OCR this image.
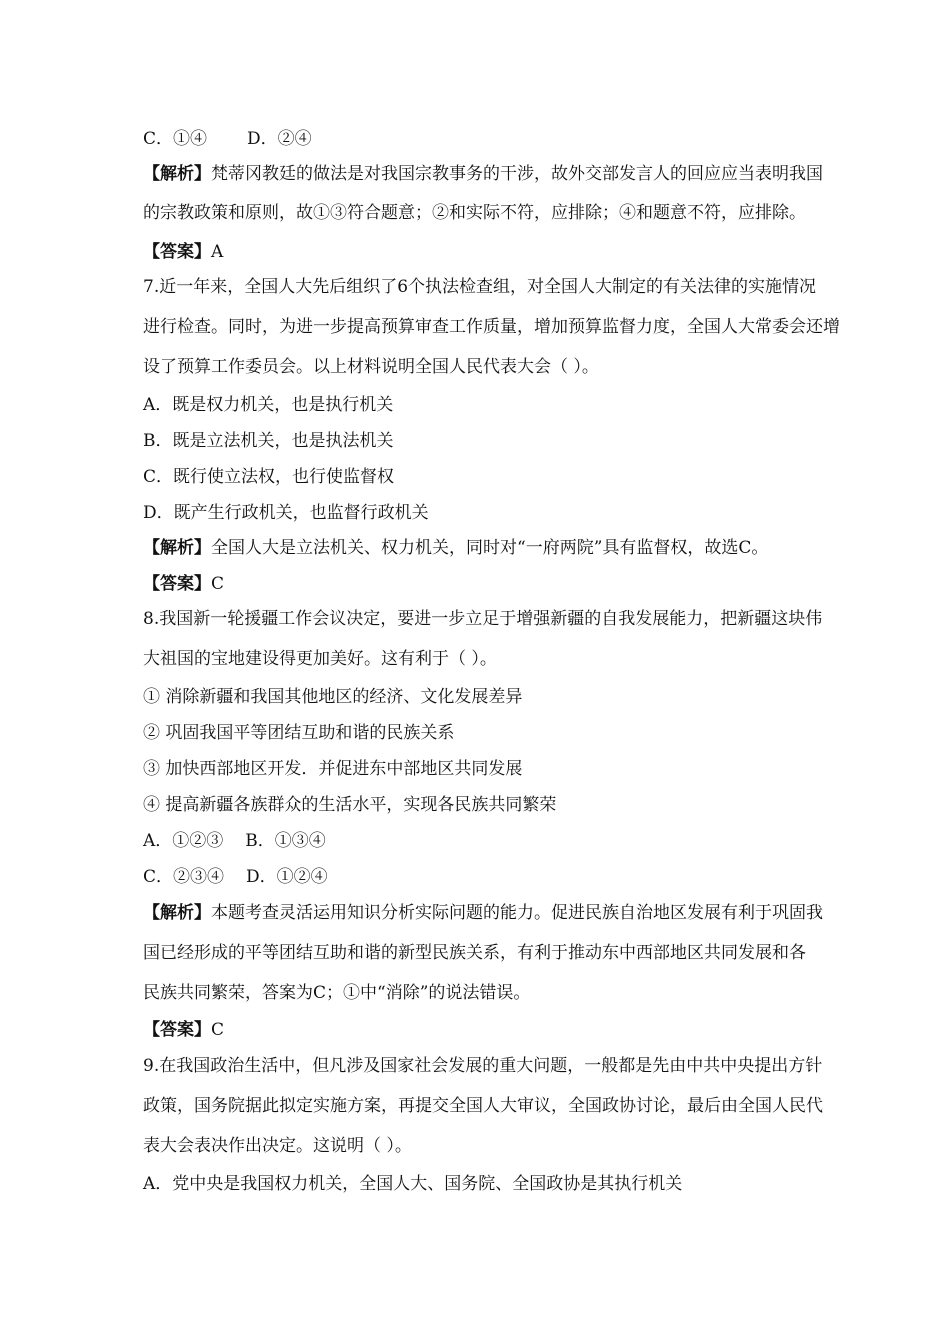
C．①④ D．②④
【解析】梵蒂冈教廷的做法是对我国宗教事务的干涉，故外交部发言人的回应应当表明我国
的宗教政策和原则，故①③符合题意；②和实际不符，应排除；④和题意不符，应排除。
【答案】A
7.近一年来，全国人大先后组织了6个执法检查组，对全国人大制定的有关法律的实施情况
进行检查。同时，为进一步提高预算审查工作质量，增加预算监督力度，全国人大常委会还增
设了预算工作委员会。以上材料说明全国人民代表大会（ ）。
A．既是权力机关，也是执行机关
B．既是立法机关，也是执法机关
C．既行使立法权，也行使监督权
D．既产生行政机关，也监督行政机关
【解析】全国人大是立法机关、权力机关，同时对“一府两院”具有监督权，故选C。
【答案】C
8.我国新一轮援疆工作会议决定，要进一步立足于增强新疆的自我发展能力，把新疆这块伟
大祖国的宝地建设得更加美好。这有利于（ ）。
① 消除新疆和我国其他地区的经济、文化发展差异
② 巩固我国平等团结互助和谐的民族关系
③ 加快西部地区开发．并促进东中部地区共同发展
④ 提高新疆各族群众的生活水平，实现各民族共同繁荣
A．①②③ B．①③④
C．②③④ D．①②④
【解析】本题考查灵活运用知识分析实际问题的能力。促进民族自治地区发展有利于巩固我
国已经形成的平等团结互助和谐的新型民族关系，有利于推动东中西部地区共同发展和各
民族共同繁荣，答案为C；①中“消除”的说法错误。
【答案】C
9.在我国政治生活中，但凡涉及国家社会发展的重大问题，一般都是先由中共中央提出方针
政策，国务院据此拟定实施方案，再提交全国人大审议，全国政协讨论，最后由全国人民代
表大会表决作出决定。这说明（ ）。
A．党中央是我国权力机关，全国人大、国务院、全国政协是其执行机关
